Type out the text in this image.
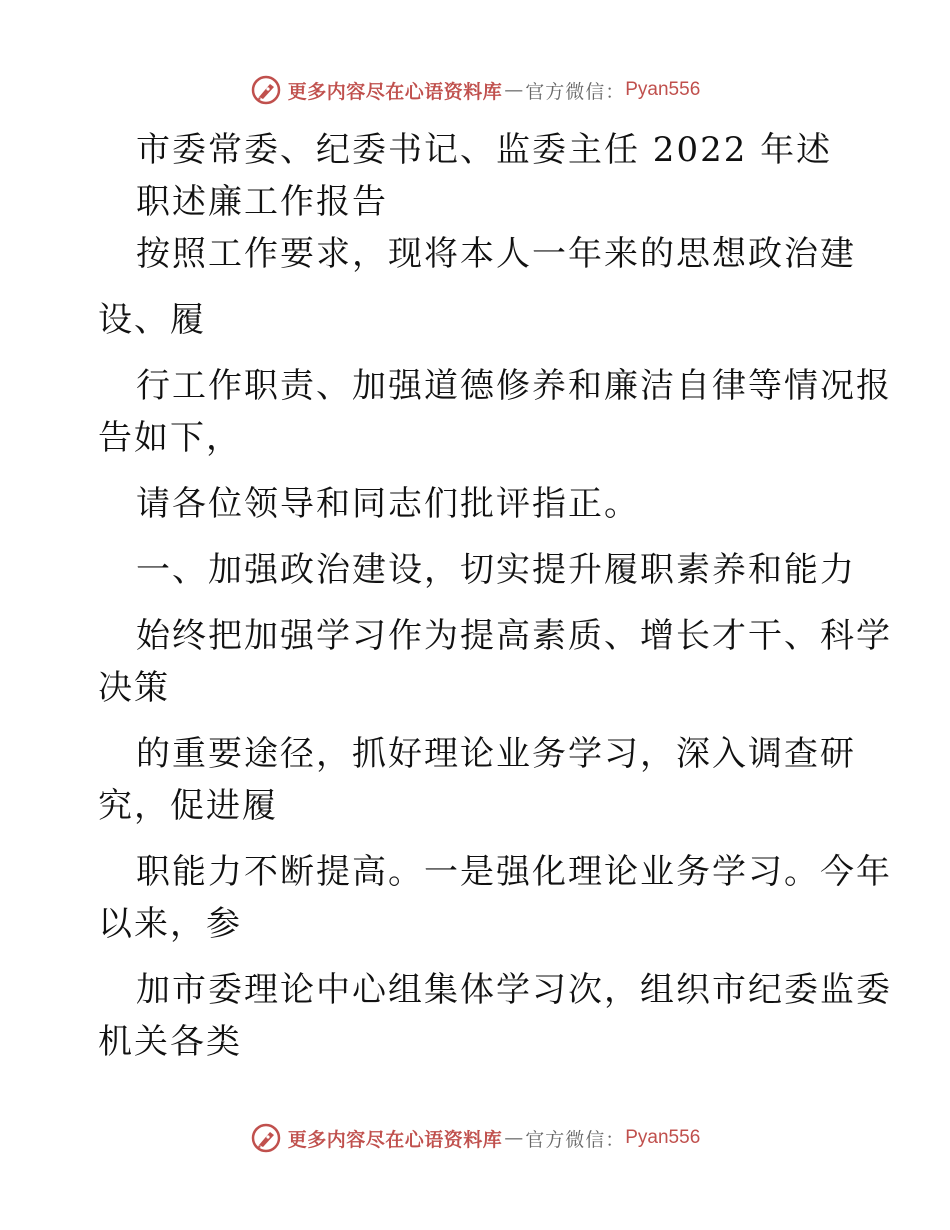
更多内容尽在心语资料库 — 官方微信： Pyan556
市委常委、纪委书记、监委主任 2022 年述
职述廉工作报告
按照工作要求，现将本人一年来的思想政治建
设、履
行工作职责、加强道德修养和廉洁自律等情况报
告如下，
请各位领导和同志们批评指正。
一、加强政治建设，切实提升履职素养和能力
始终把加强学习作为提高素质、增长才干、科学
决策
的重要途径，抓好理论业务学习，深入调查研
究，促进履
职能力不断提高。一是强化理论业务学习。今年
以来，参
加市委理论中心组集体学习次，组织市纪委监委
机关各类
更多内容尽在心语资料库 — 官方微信： Pyan556
